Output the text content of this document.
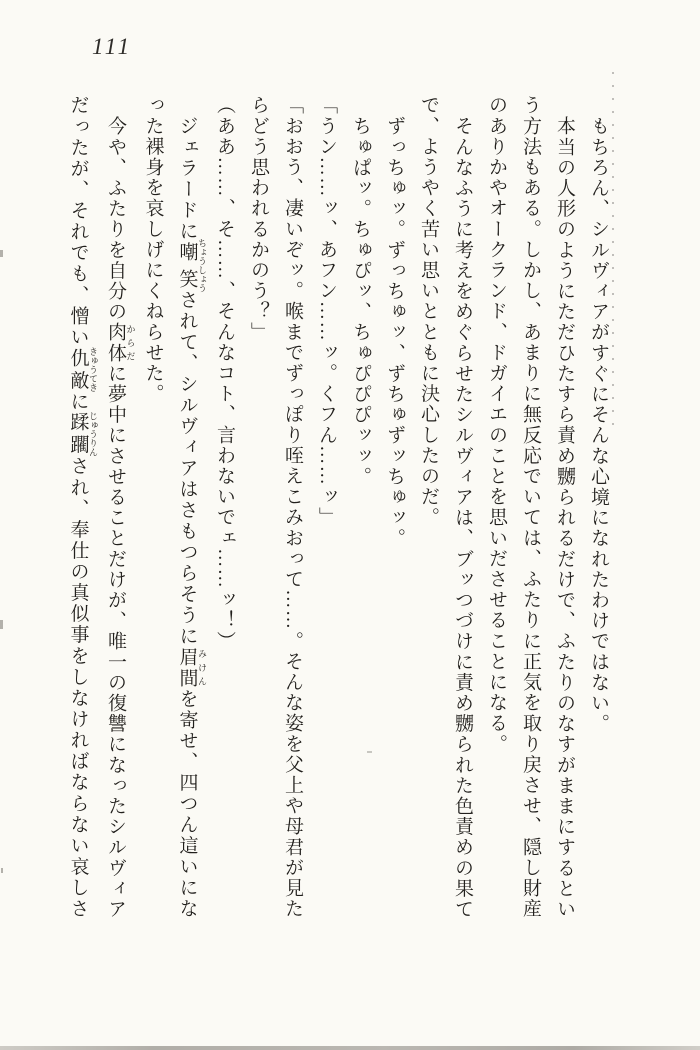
111
もちろん、シルヴィアがすぐにそんな心境になれたわけではない。
本当の人形のようにただひたすら責め嬲られるだけで、ふたりのなすがままにするとい
う方法もある。しかし、あまりに無反応でいては、ふたりに正気を取り戻させ、隠し財産
のありかやオークランド、ドガイエのことを思いださせることになる。
そんなふうに考えをめぐらせたシルヴィアは、ブッつづけに責め嬲られた色責めの果て
で、ようやく苦い思いとともに決心したのだ。
ずっちゅッ。ずっちゅッ、ずちゅずッちゅッ。
ちゅぱッ。ちゅぴッ、ちゅぴぴぴッッ。
「うン……ッ、あフン……ッ。くフん……ッ」
「おおう、凄いぞッ。喉までずっぽり咥えこみおって……。そんな姿を父上や母君が見た
らどう思われるかのう？」
（ああ……、そ……、そんなコト、言わないでェ……ッ！）
ジェラードに嘲笑 ちょうしょうされて、シルヴィアはさもつらそうに眉間 みけんを寄せ、四つん這いにな
った裸身を哀しげにくねらせた。
今や、ふたりを自分の肉体 からだに夢中にさせることだけが、唯一の復讐になったシルヴィア
だったが、それでも、憎い仇敵 きゅうてきに蹂躙 じゅうりんされ、奉仕の真似事をしなければならない哀しさ
